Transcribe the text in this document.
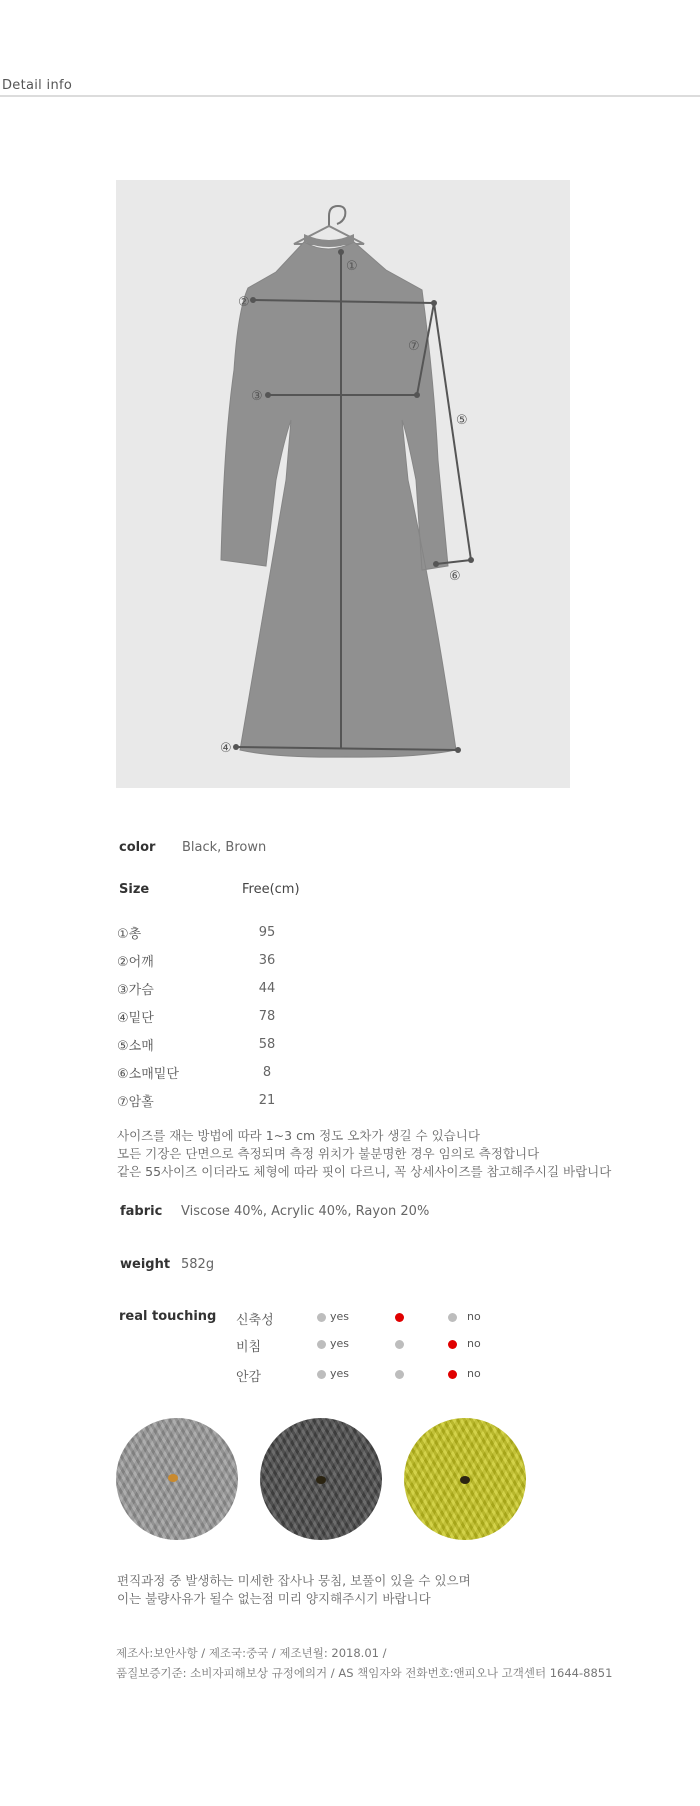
Detail info
①
②
③
④
⑤
⑥
⑦
color Black, Brown
Size	Free(cm)
①총	95
②어깨	36
③가슴	44
④밑단	78
⑤소매	58
⑥소매밑단	8
⑦암홀	21
사이즈를 재는 방법에 따라 1~3 cm 정도 오차가 생길 수 있습니다
모든 기장은 단면으로 측정되며 측정 위치가 불분명한 경우 임의로 측정합니다
같은 55사이즈 이더라도 체형에 따라 핏이 다르니, 꼭 상세사이즈를 참고해주시길 바랍니다
fabric Viscose 40%, Acrylic 40%, Rayon 20%
weight 582g
real touching 신축성	yes	no
비침	yes	no
안감	yes	no
편직과정 중 발생하는 미세한 잡사나 뭉침, 보풀이 있을 수 있으며
이는 불량사유가 될수 없는점 미리 양지해주시기 바랍니다
제조사:보안사항 / 제조국:중국 / 제조년월: 2018.01 /
품질보증기준: 소비자피해보상 규정에의거 / AS 책임자와 전화번호:앤피오나 고객센터 1644-8851
